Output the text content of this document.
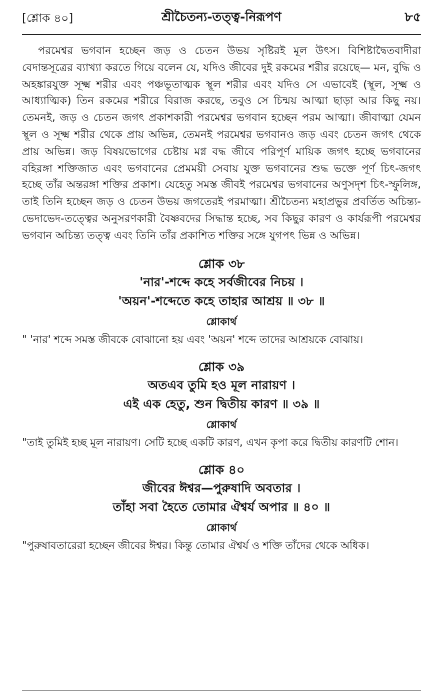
[শ্লোক ৪০]	শ্রীচৈতন্য-তত্ত্ব-নিরূপণ	৮৫

পরমেশ্বর ভগবান হচ্ছেন জড় ও চেতন উভয় সৃষ্টিরই মূল উৎস। বিশিষ্টাদ্বৈতবাদীরা বেদান্তসূত্রের ব্যাখ্যা করতে গিয়ে বলেন যে, যদিও জীবের দুই রকমের শরীর রয়েছে— মন, বুদ্ধি ও অহঙ্কারযুক্ত সূক্ষ্ম শরীর এবং পঞ্চভূতাত্মক স্থূল শরীর এবং যদিও সে এভাবেই (স্থূল, সূক্ষ্ম ও আধ্যাত্মিক) তিন রকমের শরীরে বিরাজ করছে, তবুও সে চিন্ময় আত্মা ছাড়া আর কিছু নয়। তেমনই, জড় ও চেতন জগৎ প্রকাশকারী পরমেশ্বর ভগবান হচ্ছেন পরম আত্মা। জীবাত্মা যেমন স্থূল ও সূক্ষ্ম শরীর থেকে প্রায় অভিন্ন, তেমনই পরমেশ্বর ভগবানও জড় এবং চেতন জগৎ থেকে প্রায় অভিন্ন। জড় বিষয়ভোগের চেষ্টায় মগ্ন বদ্ধ জীবে পরিপূর্ণ মায়িক জগৎ হচ্ছে ভগবানের বহিরঙ্গা শক্তিজাত এবং ভগবানের প্রেমময়ী সেবায় যুক্ত ভগবানের শুদ্ধ ভক্তে পূর্ণ চিৎ-জগৎ হচ্ছে তাঁর অন্তরঙ্গা শক্তির প্রকাশ। যেহেতু সমস্ত জীবই পরমেশ্বর ভগবানের অণুসদৃশ চিৎ-স্ফুলিঙ্গ, তাই তিনি হচ্ছেন জড় ও চেতন উভয় জগতেরই পরমাত্মা। শ্রীচৈতন্য মহাপ্রভুর প্রবর্তিত অচিন্ত্য-ভেদাভেদ-তত্ত্বের অনুসরণকারী বৈষ্ণবদের সিদ্ধান্ত হচ্ছে, সব কিছুর কারণ ও কার্যরূপী পরমেশ্বর ভগবান অচিন্ত্য তত্ত্ব এবং তিনি তাঁর প্রকাশিত শক্তির সঙ্গে যুগপৎ ভিন্ন ও অভিন্ন।

শ্লোক ৩৮
'নার'-শব্দে কহে সর্বজীবের নিচয় ।
'অয়ন'-শব্দেতে কহে তাহার আশ্রয় ॥ ৩৮ ॥
শ্লোকার্থ

" 'নার' শব্দে সমস্ত জীবকে বোঝানো হয় এবং 'অয়ন' শব্দে তাদের আশ্রয়কে বোঝায়।

শ্লোক ৩৯
অতএব তুমি হও মূল নারায়ণ ।
এই এক হেতু, শুন দ্বিতীয় কারণ ॥ ৩৯ ॥
শ্লোকার্থ

"তাই তুমিই হচ্ছ মূল নারায়ণ। সেটি হচ্ছে একটি কারণ, এখন কৃপা করে দ্বিতীয় কারণটি শোন।

শ্লোক ৪০
জীবের ঈশ্বর—পুরুষাদি অবতার ।
তাঁহা সবা হৈতে তোমার ঐশ্বর্য অপার ॥ ৪০ ॥
শ্লোকার্থ

"পুরুষাবতারেরা হচ্ছেন জীবের ঈশ্বর। কিন্তু তোমার ঐশ্বর্য ও শক্তি তাঁদের থেকে অধিক।
